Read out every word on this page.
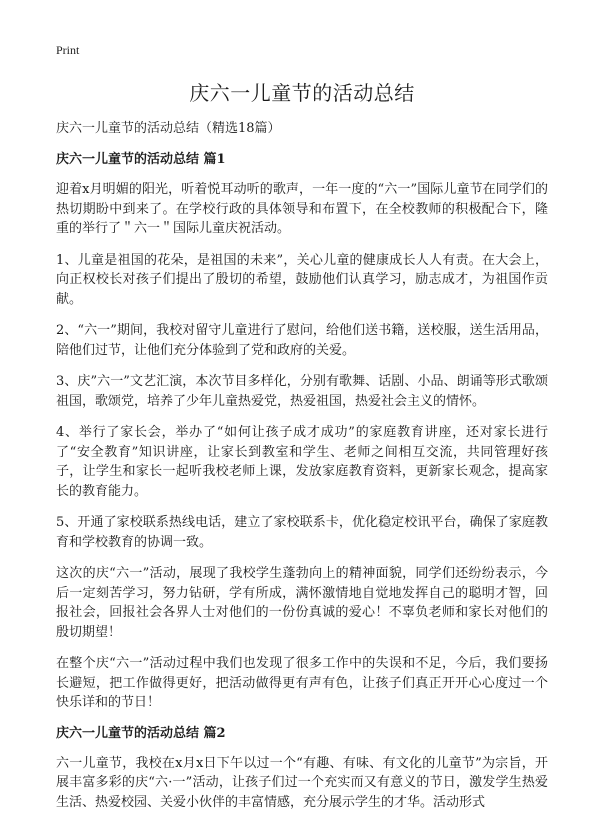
Print
庆六一儿童节的活动总结
庆六一儿童节的活动总结（精选18篇）
庆六一儿童节的活动总结 篇1

迎着x月明媚的阳光，听着悦耳动听的歌声，一年一度的“六一”国际儿童节在同学们的热切期盼中到来了。在学校行政的具体领导和布置下，在全校教师的积极配合下，隆重的举行了＂六一＂国际儿童庆祝活动。

1、儿童是祖国的花朵，是祖国的未来”，关心儿童的健康成长人人有责。在大会上， 向正权校长对孩子们提出了殷切的希望，鼓励他们认真学习，励志成才，为祖国作贡献。

2、“六一”期间，我校对留守儿童进行了慰问，给他们送书籍，送校服，送生活用品，陪他们过节，让他们充分体验到了党和政府的关爱。

3、庆”六一”文艺汇演，本次节目多样化，分别有歌舞、话剧、小品、朗诵等形式歌颂祖国，歌颂党，培养了少年儿童热爱党，热爱祖国，热爱社会主义的情怀。

4、举行了家长会，举办了“如何让孩子成才成功”的家庭教育讲座，还对家长进行了“安全教育”知识讲座，让家长到教室和学生、老师之间相互交流，共同管理好孩子，让学生和家长一起听我校老师上课，发放家庭教育资料，更新家长观念，提高家长的教育能力。

5、开通了家校联系热线电话，建立了家校联系卡，优化稳定校讯平台，确保了家庭教育和学校教育的协调一致。

这次的庆“六一”活动，展现了我校学生蓬勃向上的精神面貌，同学们还纷纷表示，今后一定刻苦学习，努力钻研，学有所成，满怀激情地自觉地发挥自己的聪明才智，回报社会，回报社会各界人士对他们的一份份真诚的爱心！不辜负老师和家长对他们的殷切期望！

在整个庆“六一”活动过程中我们也发现了很多工作中的失误和不足，今后，我们要扬长避短，把工作做得更好，把活动做得更有声有色，让孩子们真正开开心心度过一个快乐详和的节日！

庆六一儿童节的活动总结 篇2

六一儿童节，我校在x月x日下午以过一个“有趣、有味、有文化的儿童节”为宗旨，开展丰富多彩的庆“六·一”活动，让孩子们过一个充实而又有意义的节日，激发学生热爱生活、热爱校园、关爱小伙伴的丰富情感，充分展示学生的才华。活动形式
